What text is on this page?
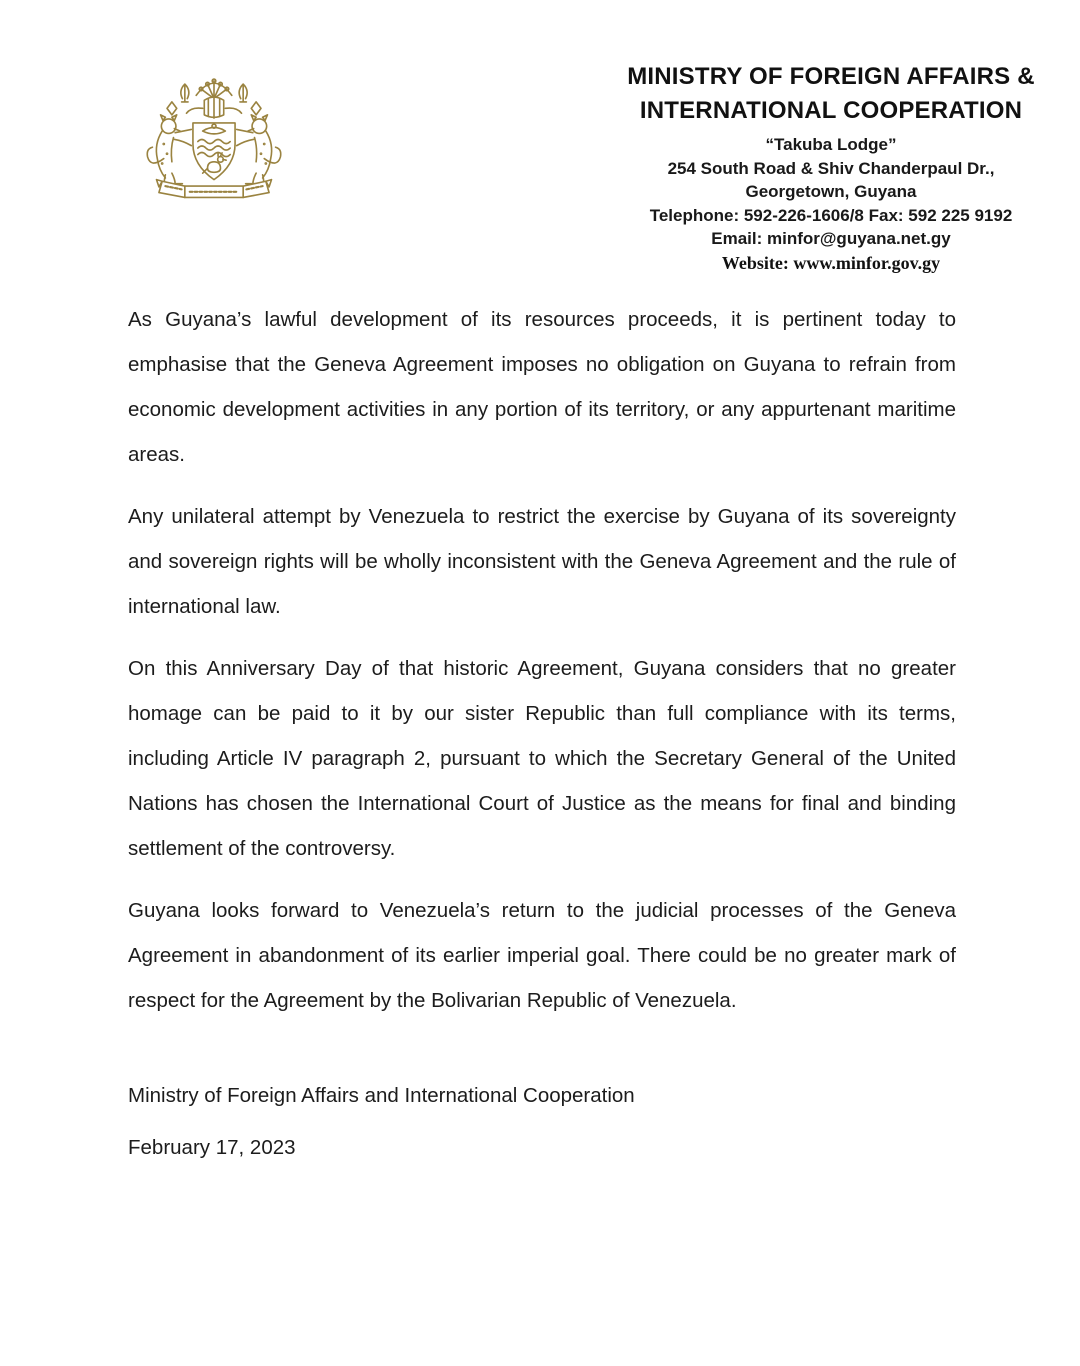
MINISTRY OF FOREIGN AFFAIRS &
INTERNATIONAL COOPERATION
“Takuba Lodge”
254 South Road & Shiv Chanderpaul Dr.,
Georgetown, Guyana
Telephone: 592-226-1606/8 Fax: 592 225 9192
Email: minfor@guyana.net.gy
Website: www.minfor.gov.gy

As Guyana’s lawful development of its resources proceeds, it is pertinent today to emphasise that the Geneva Agreement imposes no obligation on Guyana to refrain from economic development activities in any portion of its territory, or any appurtenant maritime areas.

Any unilateral attempt by Venezuela to restrict the exercise by Guyana of its sovereignty and sovereign rights will be wholly inconsistent with the Geneva Agreement and the rule of international law.

On this Anniversary Day of that historic Agreement, Guyana considers that no greater homage can be paid to it by our sister Republic than full compliance with its terms, including Article IV paragraph 2, pursuant to which the Secretary General of the United Nations has chosen the International Court of Justice as the means for final and binding settlement of the controversy.

Guyana looks forward to Venezuela’s return to the judicial processes of the Geneva Agreement in abandonment of its earlier imperial goal. There could be no greater mark of respect for the Agreement by the Bolivarian Republic of Venezuela.

Ministry of Foreign Affairs and International Cooperation

February 17, 2023
